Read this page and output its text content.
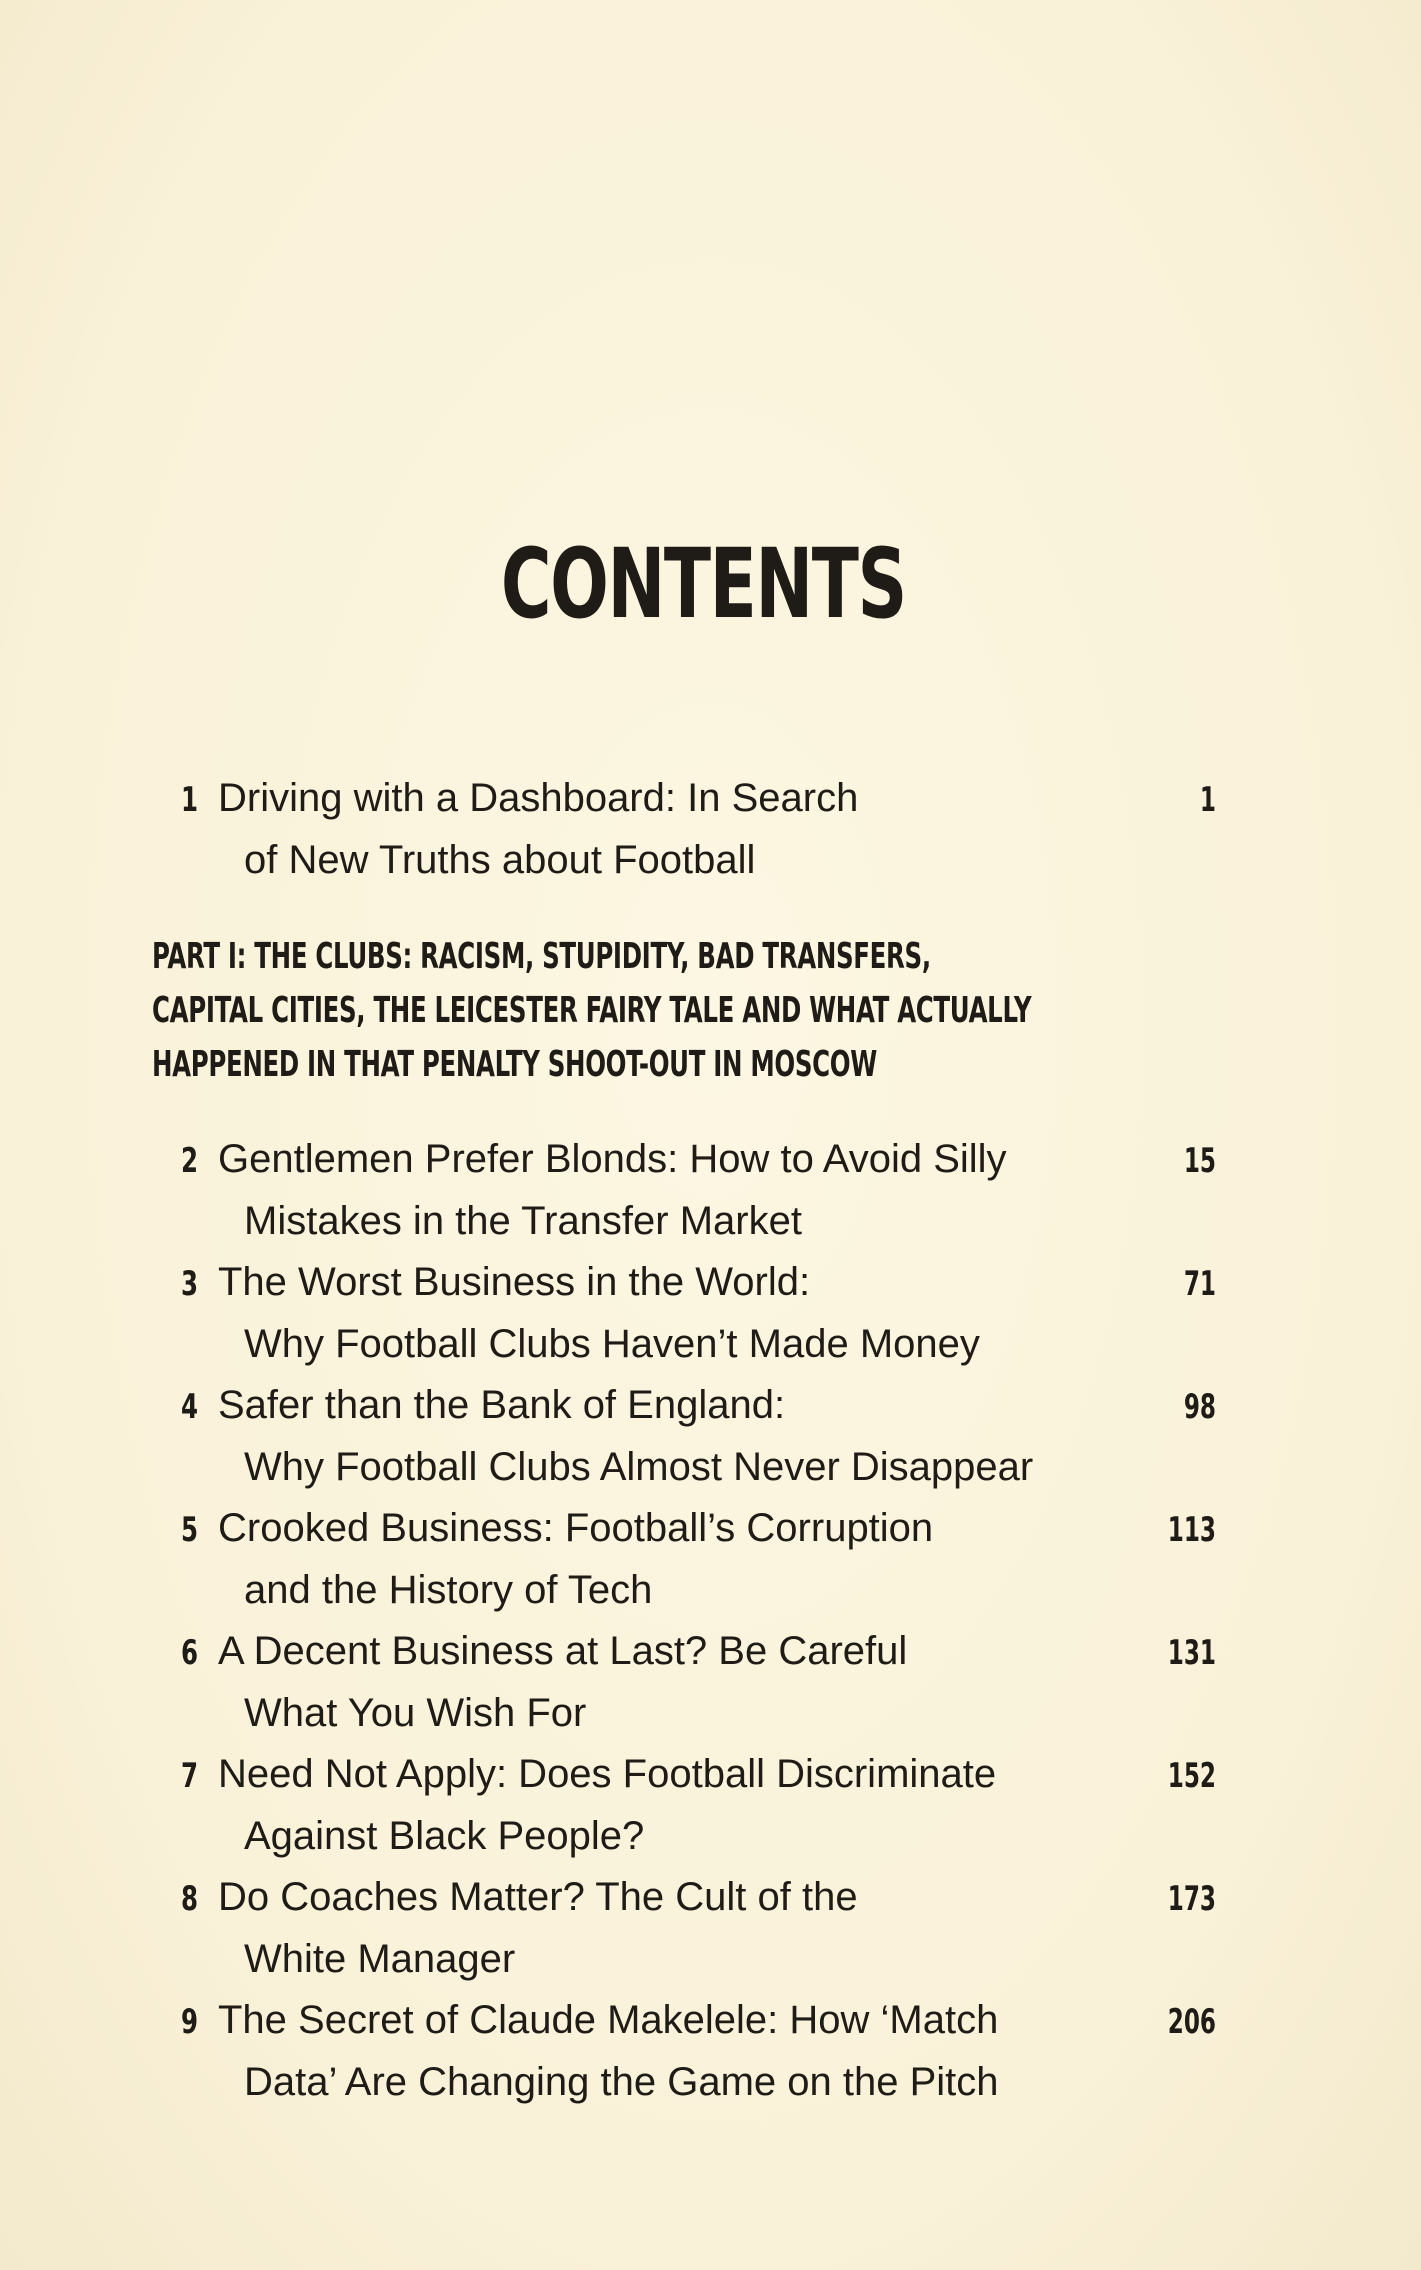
CONTENTS
1 Driving with a Dashboard: In Search
of New Truths about Football
1
PART I: THE CLUBS: RACISM, STUPIDITY, BAD TRANSFERS,
CAPITAL CITIES, THE LEICESTER FAIRY TALE AND WHAT ACTUALLY
HAPPENED IN THAT PENALTY SHOOT-OUT IN MOSCOW
2 Gentlemen Prefer Blonds: How to Avoid Silly
Mistakes in the Transfer Market
15
3 The Worst Business in the World:
Why Football Clubs Haven’t Made Money
71
4 Safer than the Bank of England:
Why Football Clubs Almost Never Disappear
98
5 Crooked Business: Football’s Corruption
and the History of Tech
113
6 A Decent Business at Last? Be Careful
What You Wish For
131
7 Need Not Apply: Does Football Discriminate
Against Black People?
152
8 Do Coaches Matter? The Cult of the
White Manager
173
9 The Secret of Claude Makelele: How ‘Match
Data’ Are Changing the Game on the Pitch
206
